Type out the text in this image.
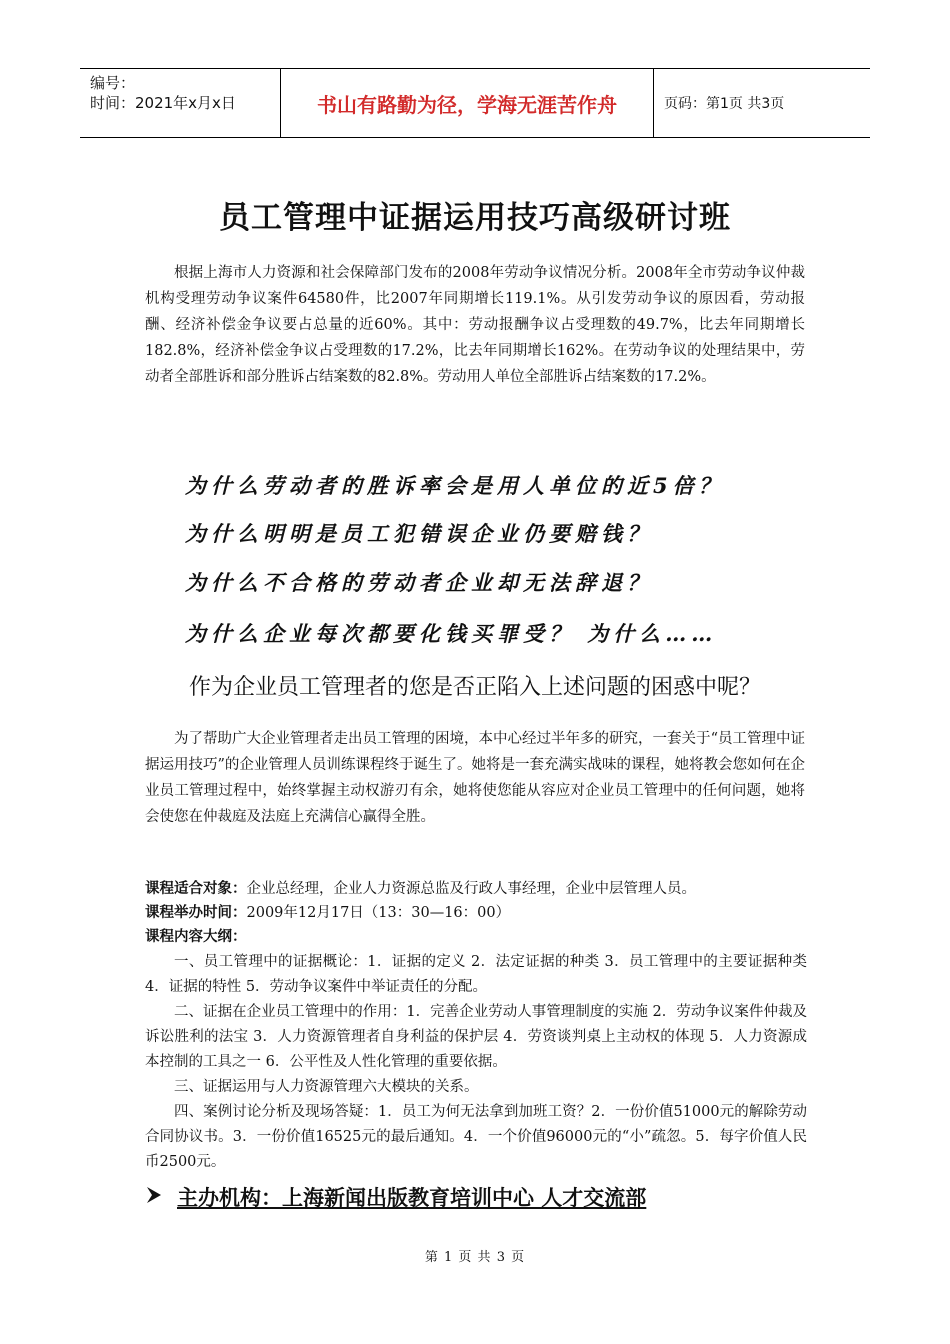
编号：
时间：2021年x月x日	书山有路勤为径，学海无涯苦作舟	页码：第1页 共3页
员工管理中证据运用技巧高级研讨班

根据上海市人力资源和社会保障部门发布的2008年劳动争议情况分析。2008年全市劳动争议仲裁机构受理劳动争议案件64580件，比2007年同期增长119.1%。从引发劳动争议的原因看，劳动报酬、经济补偿金争议要占总量的近60%。其中：劳动报酬争议占受理数的49.7%，比去年同期增长182.8%，经济补偿金争议占受理数的17.2%，比去年同期增长162%。在劳动争议的处理结果中，劳动者全部胜诉和部分胜诉占结案数的82.8%。劳动用人单位全部胜诉占结案数的17.2%。

为什么劳动者的胜诉率会是用人单位的近5倍？
为什么明明是员工犯错误企业仍要赔钱？
为什么不合格的劳动者企业却无法辞退？
为什么企业每次都要化钱买罪受？ 为什么……
作为企业员工管理者的您是否正陷入上述问题的困惑中呢？

为了帮助广大企业管理者走出员工管理的困境，本中心经过半年多的研究，一套关于“员工管理中证据运用技巧”的企业管理人员训练课程终于诞生了。她将是一套充满实战味的课程，她将教会您如何在企业员工管理过程中，始终掌握主动权游刃有余，她将使您能从容应对企业员工管理中的任何问题，她将会使您在仲裁庭及法庭上充满信心赢得全胜。

课程适合对象：企业总经理，企业人力资源总监及行政人事经理，企业中层管理人员。

课程举办时间：2009年12月17日（13：30—16：00）

课程内容大纲：

一、员工管理中的证据概论：1．证据的定义 2．法定证据的种类 3．员工管理中的主要证据种类 4．证据的特性 5．劳动争议案件中举证责任的分配。

二、证据在企业员工管理中的作用：1．完善企业劳动人事管理制度的实施 2．劳动争议案件仲裁及诉讼胜利的法宝 3．人力资源管理者自身利益的保护层 4．劳资谈判桌上主动权的体现 5．人力资源成本控制的工具之一 6．公平性及人性化管理的重要依据。

三、证据运用与人力资源管理六大模块的关系。

四、案例讨论分析及现场答疑：1．员工为何无法拿到加班工资？2．一份价值51000元的解除劳动合同协议书。3．一份价值16525元的最后通知。4．一个价值96000元的“小”疏忽。5．每字价值人民币2500元。

主办机构：上海新闻出版教育培训中心 人才交流部
第 1 页 共 3 页
